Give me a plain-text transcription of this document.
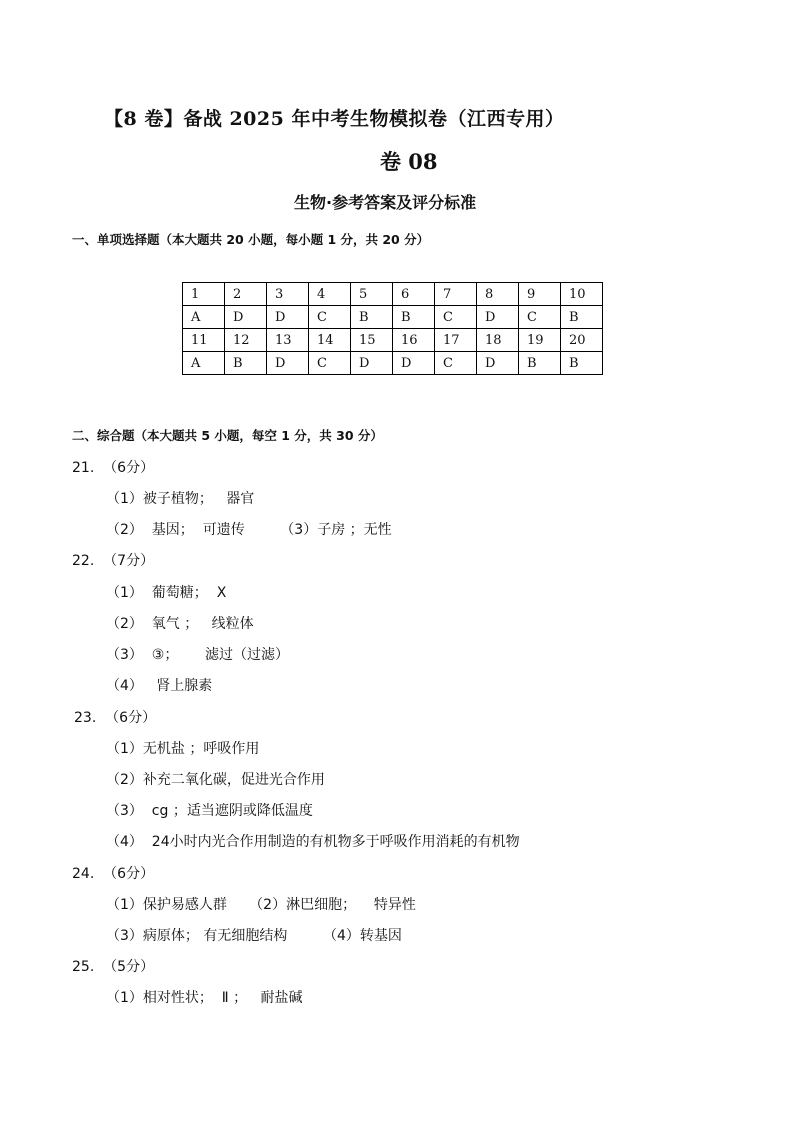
【8 卷】备战 2025 年中考生物模拟卷（江西专用）
卷 08
生物·参考答案及评分标准
一、单项选择题（本大题共 20 小题，每小题 1 分，共 20 分）
1	2	3	4	5	6	7	8	9	10
A	D	D	C	B	B	C	D	C	B
11	12	13	14	15	16	17	18	19	20
A	B	D	C	D	D	C	D	B	B
二、综合题（本大题共 5 小题，每空 1 分，共 30 分）
21.  （6分）
（1）被子植物；   器官
（2）  基因；  可遗传        （3）子房 ；无性
22.  （7分）
（1）  葡萄糖；  X
（2）  氧气 ；   线粒体
（3）  ③；      滤过（过滤）
（4）   肾上腺素
23.  （6分）
（1）无机盐 ；呼吸作用
（2）补充二氧化碳，促进光合作用
（3）  cg ；适当遮阴或降低温度
（4）  24小时内光合作用制造的有机物多于呼吸作用消耗的有机物
24.  （6分）
（1）保护易感人群     （2）淋巴细胞；    特异性
（3）病原体； 有无细胞结构        （4）转基因
25.  （5分）
（1）相对性状；  Ⅱ ；   耐盐碱
